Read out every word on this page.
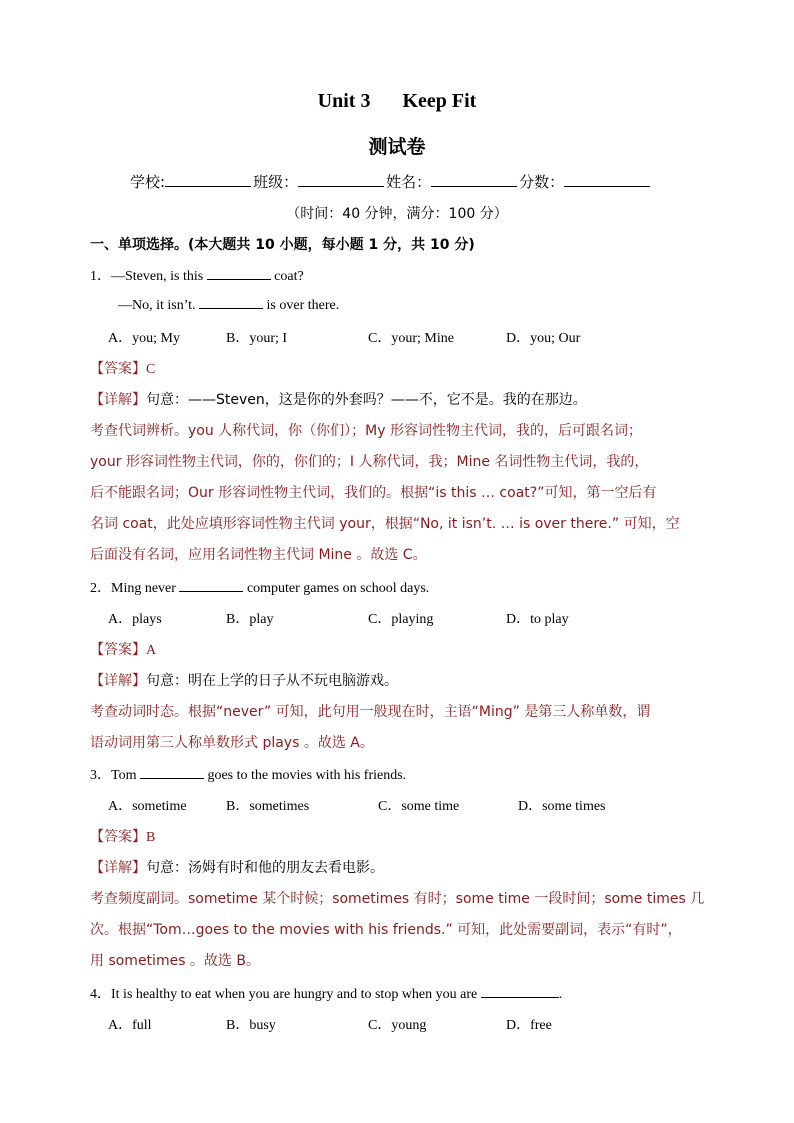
Unit 3 Keep Fit
测试卷
学校:	班级：	姓名：	分数：
（时间：40 分钟，满分：100 分）
一、单项选择。(本大题共 10 小题，每小题 1 分，共 10 分)
1．—Steven, is this	coat?
—No, it isn’t.	is over there.
A．you; My	B．your; I	C．your; Mine	D．you; Our
【答案】C
【详解】句意：——Steven，这是你的外套吗？——不，它不是。我的在那边。
考查代词辨析。you 人称代词，你（你们）；My 形容词性物主代词，我的，后可跟名词；
your 形容词性物主代词，你的，你们的；I 人称代词，我；Mine 名词性物主代词，我的，
后不能跟名词；Our 形容词性物主代词，我们的。根据“is this … coat?”可知，第一空后有
名词 coat，此处应填形容词性物主代词 your，根据“No, it isn’t. … is over there.” 可知，空
后面没有名词，应用名词性物主代词 Mine 。故选 C。
2．Ming never	computer games on school days.
A．plays	B．play	C．playing	D．to play
【答案】A
【详解】句意：明在上学的日子从不玩电脑游戏。
考查动词时态。根据“never” 可知，此句用一般现在时，主语“Ming” 是第三人称单数，谓
语动词用第三人称单数形式 plays 。故选 A。
3．Tom	goes to the movies with his friends.
A．sometime	B．sometimes	C．some time	D．some times
【答案】B
【详解】句意：汤姆有时和他的朋友去看电影。
考查频度副词。sometime 某个时候；sometimes 有时；some time 一段时间；some times 几
次。根据“Tom…goes to the movies with his friends.” 可知，此处需要副词，表示“有时”，
用 sometimes 。故选 B。
4．It is healthy to eat when you are hungry and to stop when you are	.
A．full	B．busy	C．young	D．free
